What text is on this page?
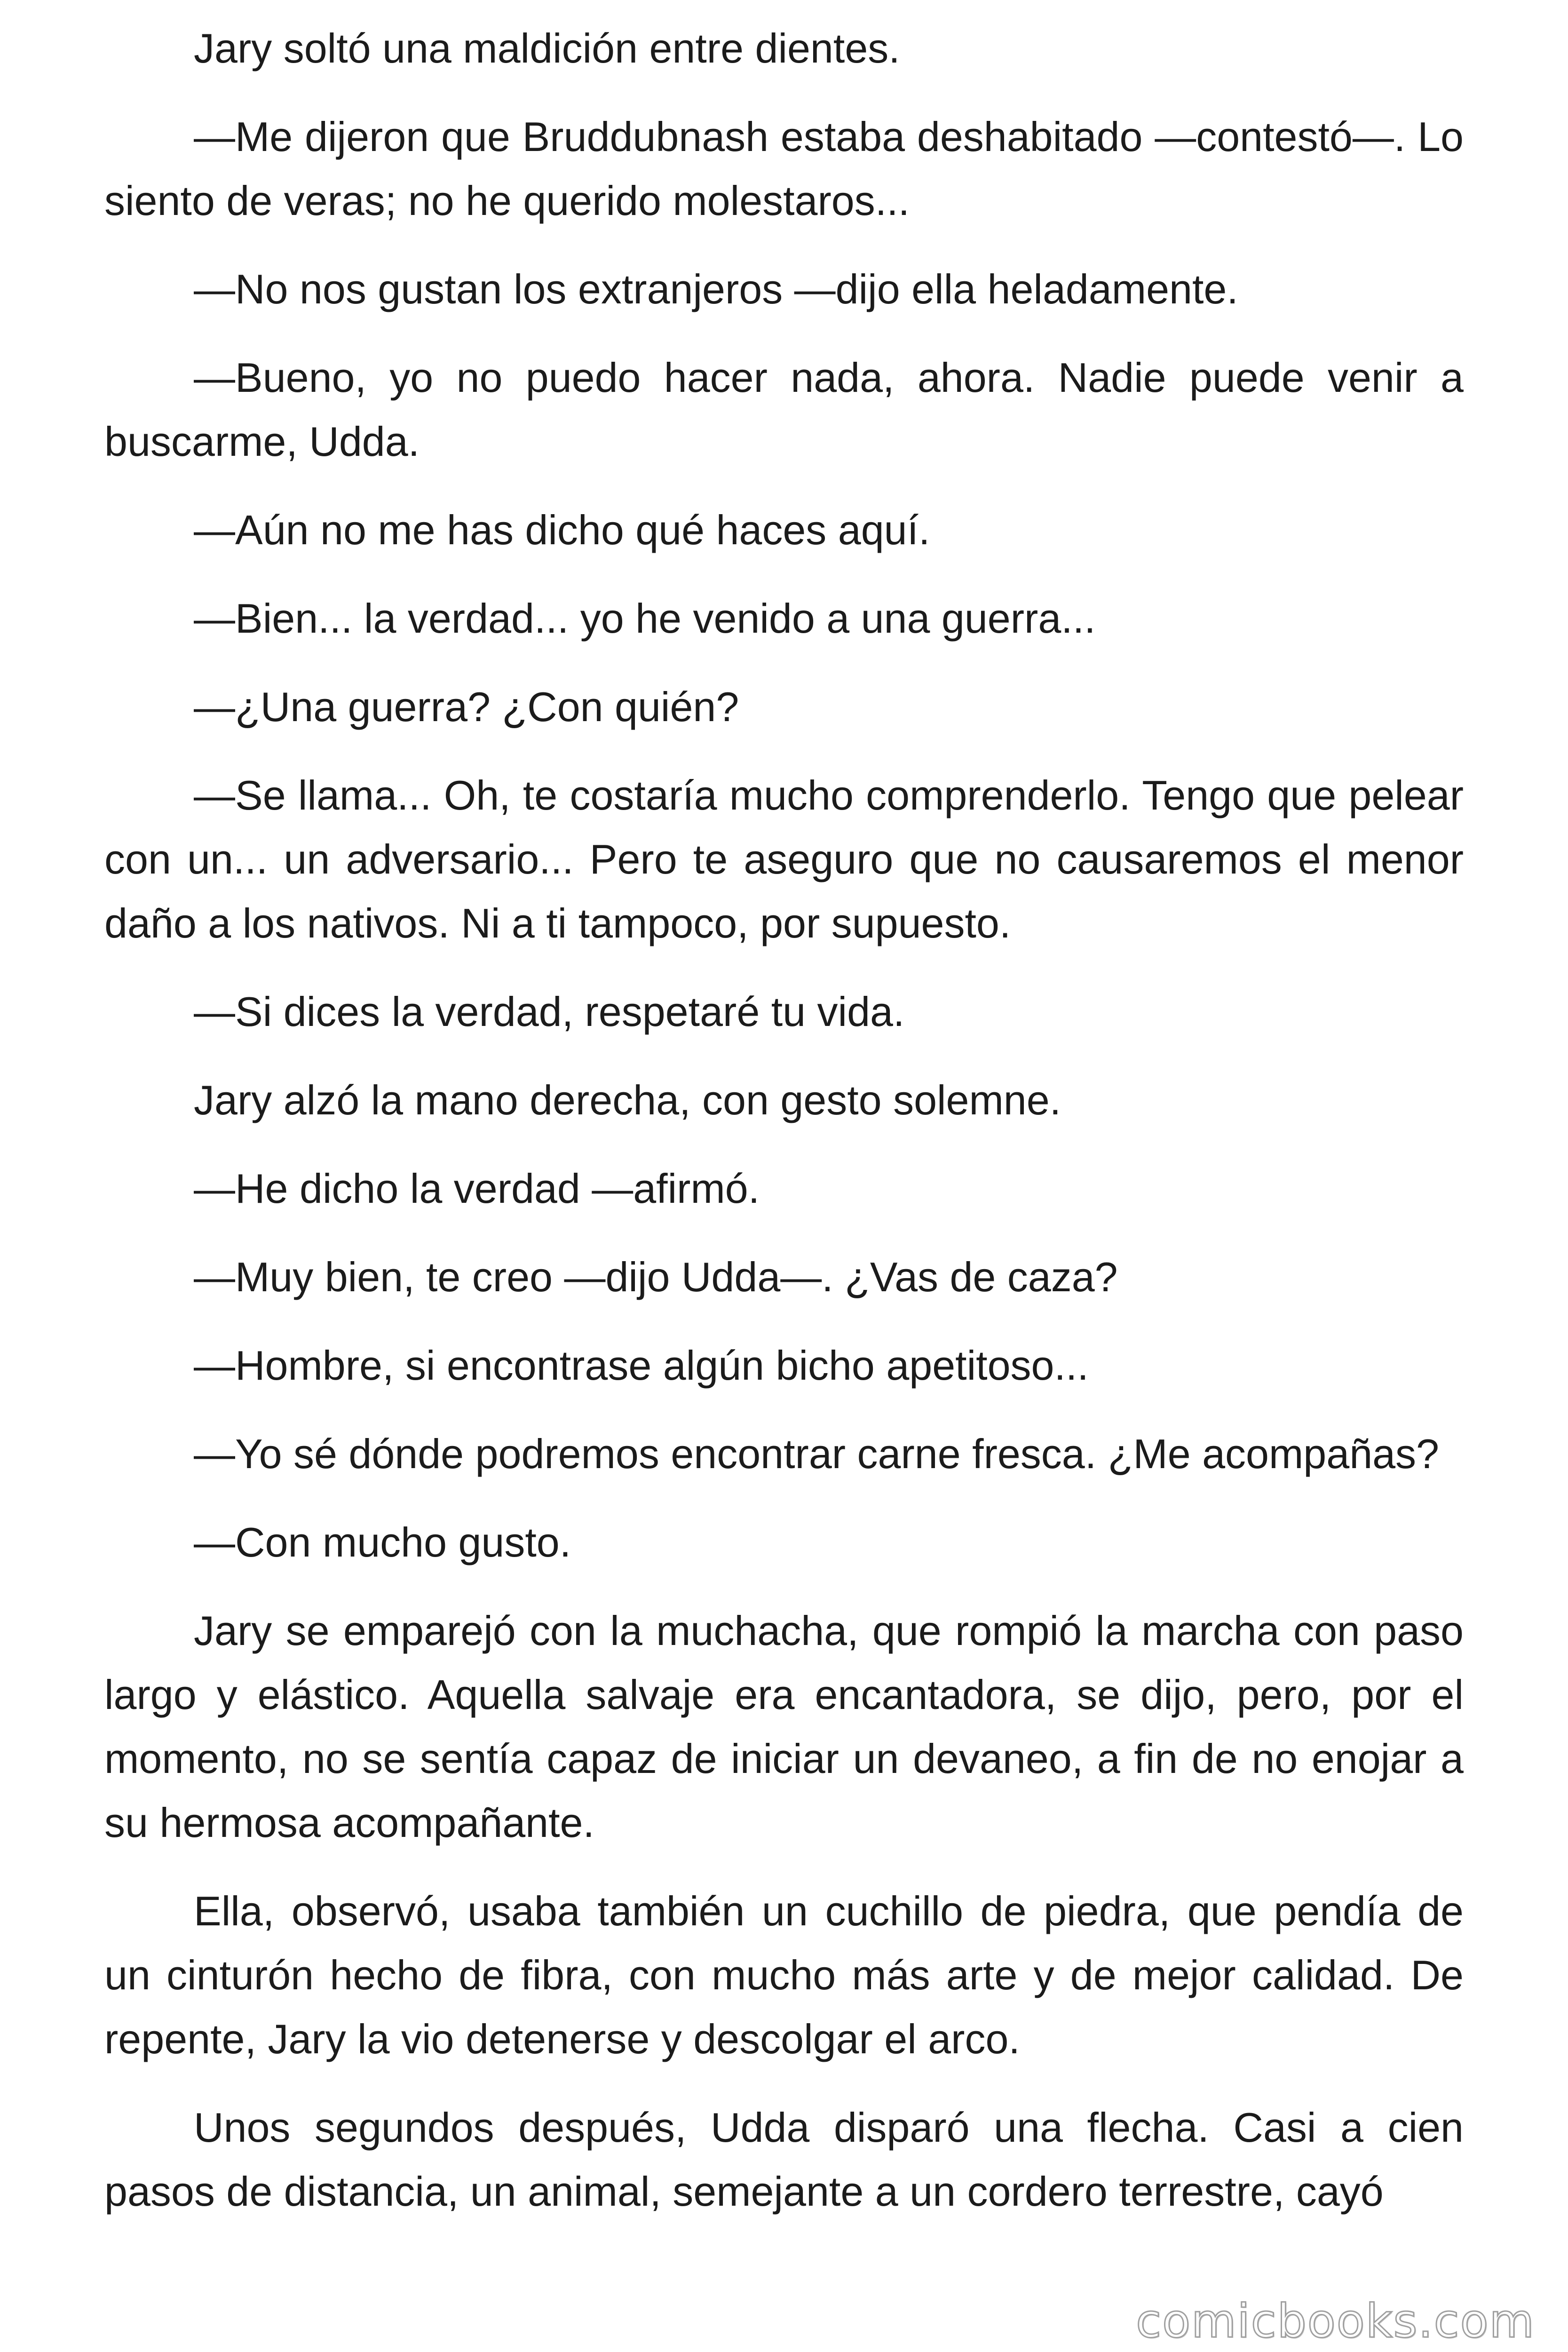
Jary soltó una maldición entre dientes.

—Me dijeron que Bruddubnash estaba deshabitado —contestó—. Lo siento de veras; no he querido molestaros...

—No nos gustan los extranjeros —dijo ella heladamente.

—Bueno, yo no puedo hacer nada, ahora. Nadie puede venir a buscarme, Udda.

—Aún no me has dicho qué haces aquí.

—Bien... la verdad... yo he venido a una guerra...

—¿Una guerra? ¿Con quién?

—Se llama... Oh, te costaría mucho comprenderlo. Tengo que pelear con un... un adversario... Pero te aseguro que no causaremos el menor daño a los nativos. Ni a ti tampoco, por supuesto.

—Si dices la verdad, respetaré tu vida.

Jary alzó la mano derecha, con gesto solemne.

—He dicho la verdad —afirmó.

—Muy bien, te creo —dijo Udda—. ¿Vas de caza?

—Hombre, si encontrase algún bicho apetitoso...

—Yo sé dónde podremos encontrar carne fresca. ¿Me acompañas?

—Con mucho gusto.

Jary se emparejó con la muchacha, que rompió la marcha con paso largo y elástico. Aquella salvaje era encantadora, se dijo, pero, por el momento, no se sentía capaz de iniciar un devaneo, a fin de no enojar a su hermosa acompañante.

Ella, observó, usaba también un cuchillo de piedra, que pendía de un cinturón hecho de fibra, con mucho más arte y de mejor calidad. De repente, Jary la vio detenerse y descolgar el arco.

Unos segundos después, Udda disparó una flecha. Casi a cien pasos de distancia, un animal, semejante a un cordero terrestre, cayó

comicbooks.com
